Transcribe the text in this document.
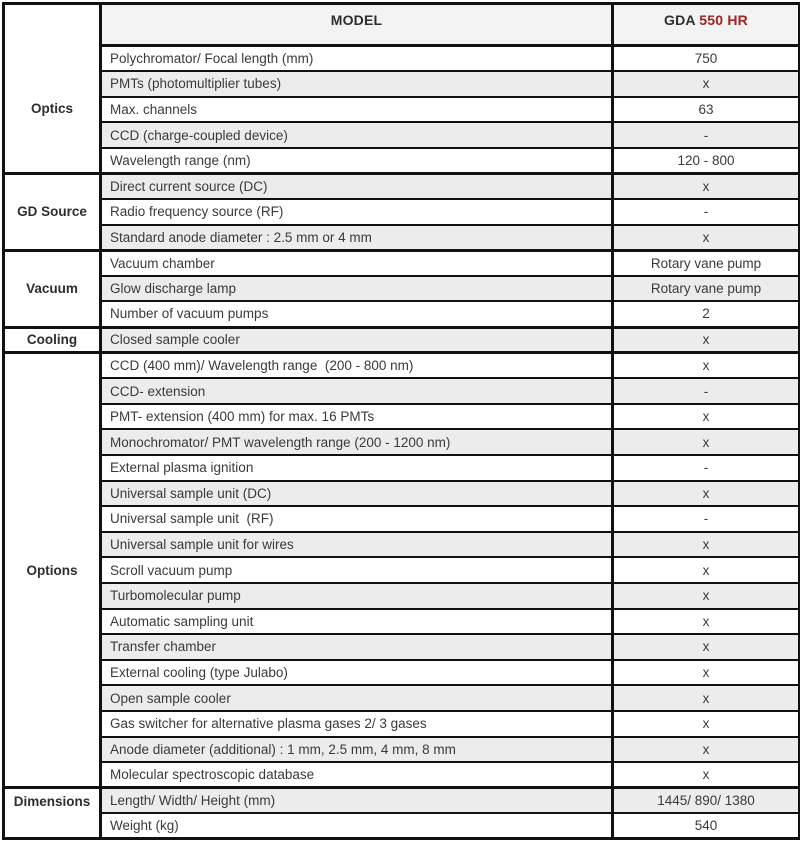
	MODEL	GDA 550 HR
Optics	Polychromator/ Focal length (mm)	750
	PMTs (photomultiplier tubes)	x
	Max. channels	63
	CCD (charge-coupled device)	-
	Wavelength range (nm)	120 - 800
GD Source	Direct current source (DC)	x
	Radio frequency source (RF)	-
	Standard anode diameter : 2.5 mm or 4 mm	x
Vacuum	Vacuum chamber	Rotary vane pump
	Glow discharge lamp	Rotary vane pump
	Number of vacuum pumps	2
Cooling	Closed sample cooler	x
Options	CCD (400 mm)/ Wavelength range  (200 - 800 nm)	x
	CCD- extension	-
	PMT- extension (400 mm) for max. 16 PMTs	x
	Monochromator/ PMT wavelength range (200 - 1200 nm)	x
	External plasma ignition	-
	Universal sample unit (DC)	x
	Universal sample unit  (RF)	-
	Universal sample unit for wires	x
	Scroll vacuum pump	x
	Turbomolecular pump	x
	Automatic sampling unit	x
	Transfer chamber	x
	External cooling (type Julabo)	x
	Open sample cooler	x
	Gas switcher for alternative plasma gases 2/ 3 gases	x
	Anode diameter (additional) : 1 mm, 2.5 mm, 4 mm, 8 mm	x
	Molecular spectroscopic database	x
Dimensions	Length/ Width/ Height (mm)	1445/ 890/ 1380
	Weight (kg)	540
